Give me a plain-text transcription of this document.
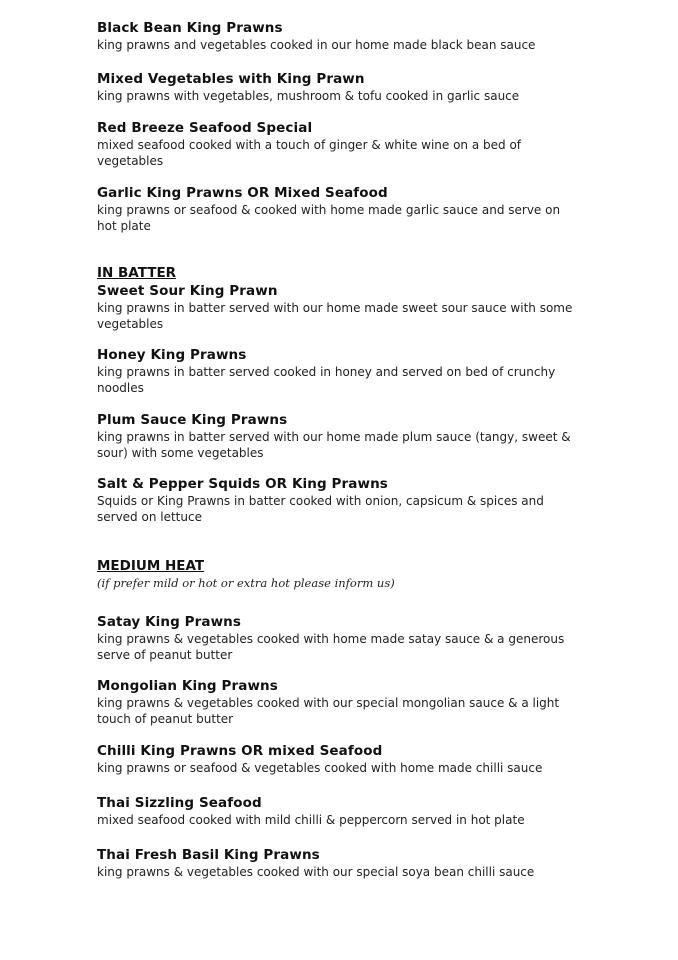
Black Bean King Prawns
king prawns and vegetables cooked in our home made black bean sauce
Mixed Vegetables with King Prawn
king prawns with vegetables, mushroom & tofu cooked in garlic sauce
Red Breeze Seafood Special
mixed seafood cooked with a touch of ginger & white wine on a bed of vegetables
Garlic King Prawns OR Mixed Seafood
king prawns or seafood & cooked with home made garlic sauce and serve on hot plate
IN BATTER
Sweet Sour King Prawn
king prawns in batter served with our home made sweet sour sauce with some vegetables
Honey King Prawns
king prawns in batter served cooked in honey and served on bed of crunchy noodles
Plum Sauce King Prawns
king prawns in batter served with our home made plum sauce (tangy, sweet & sour) with some vegetables
Salt & Pepper Squids OR King Prawns
Squids or King Prawns in batter cooked with onion, capsicum & spices and served on lettuce
MEDIUM HEAT
(if prefer mild or hot or extra hot please inform us)
Satay King Prawns
king prawns & vegetables cooked with home made satay sauce & a generous serve of peanut butter
Mongolian King Prawns
king prawns & vegetables cooked with our special mongolian sauce & a light touch of peanut butter
Chilli King Prawns OR mixed Seafood
king prawns or seafood & vegetables cooked with home made chilli sauce
Thai Sizzling Seafood
mixed seafood cooked with mild chilli & peppercorn served in hot plate
Thai Fresh Basil King Prawns
king prawns & vegetables cooked with our special soya bean chilli sauce
